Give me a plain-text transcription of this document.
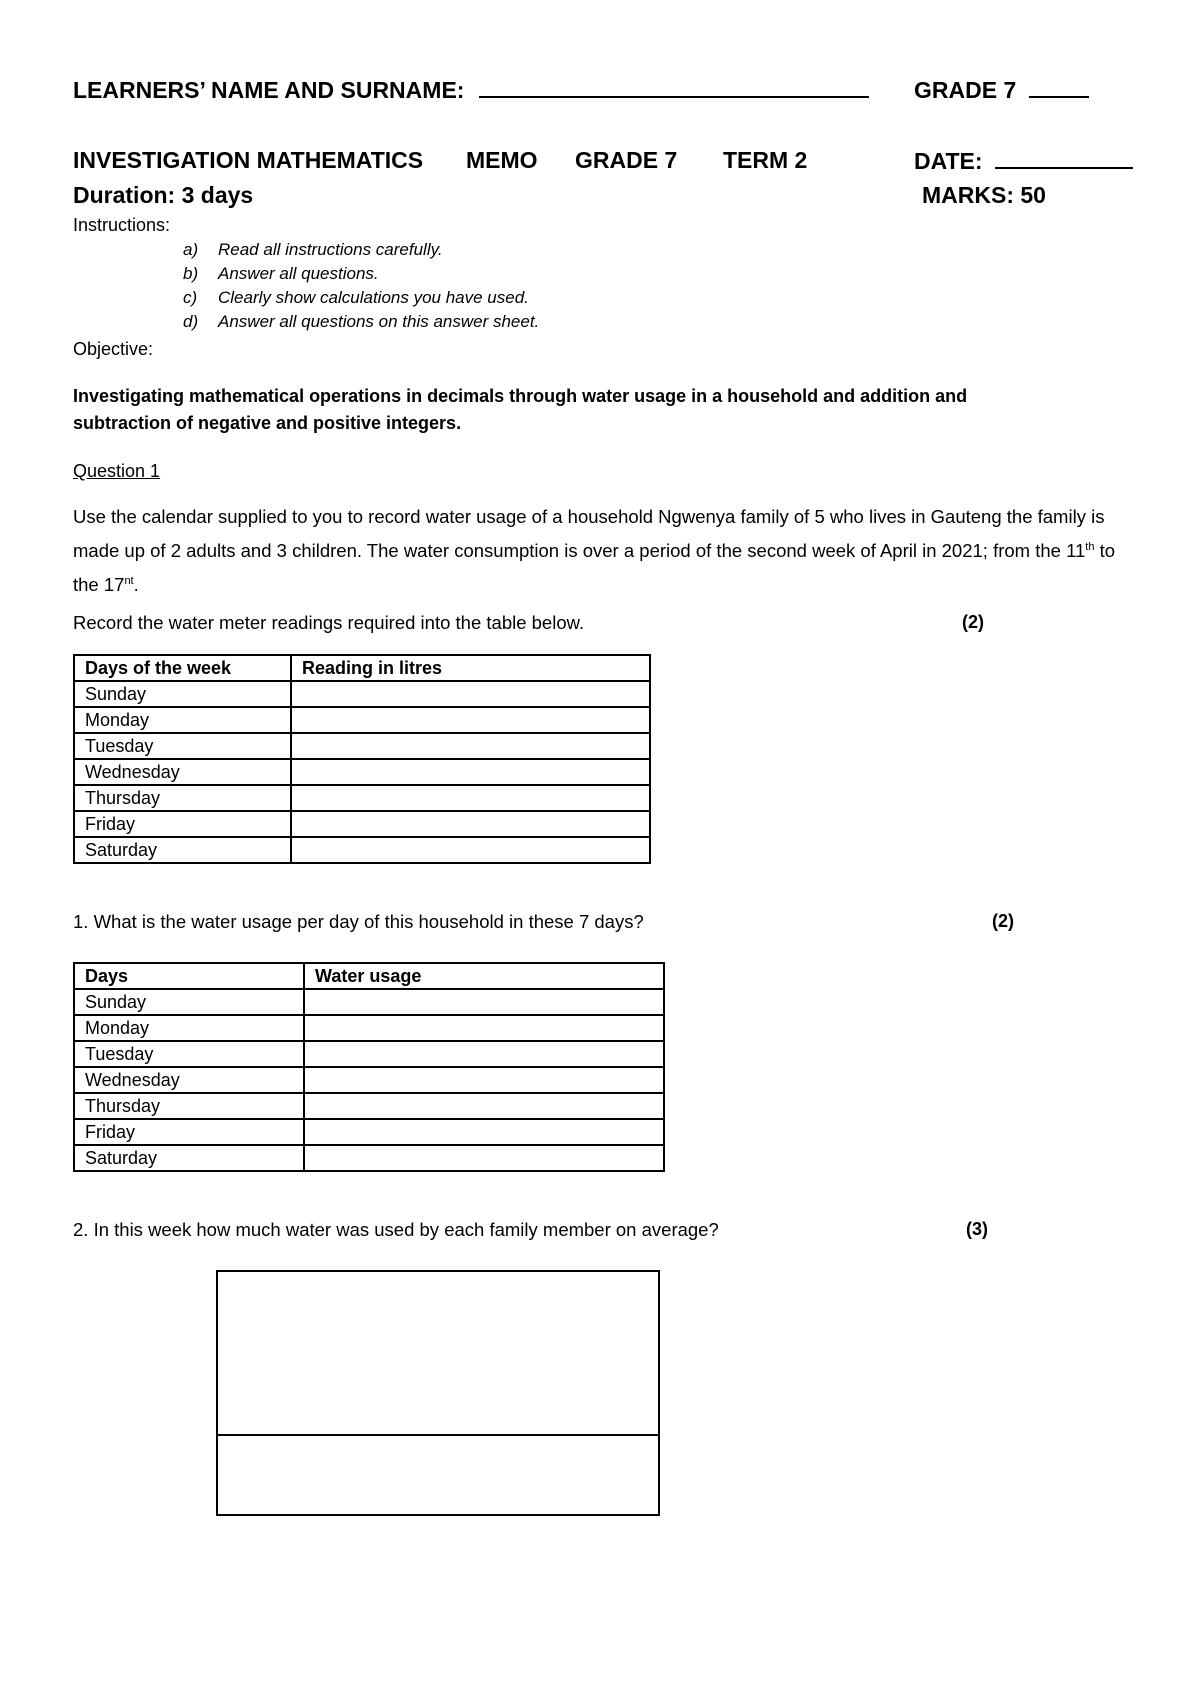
LEARNERS’ NAME AND SURNAME:	GRADE 7
INVESTIGATION MATHEMATICS MEMO GRADE 7 TERM 2	DATE:
Duration: 3 days	MARKS: 50
Instructions:
a) Read all instructions carefully.
b) Answer all questions.
c) Clearly show calculations you have used.
d) Answer all questions on this answer sheet.
Objective:
Investigating mathematical operations in decimals through water usage in a household and addition and subtraction of negative and positive integers.
Question 1
Use the calendar supplied to you to record water usage of a household Ngwenya family of 5 who lives in Gauteng the family is made up of 2 adults and 3 children. The water consumption is over a period of the second week of April in 2021; from the 11th to the $17^{nt}$.
Record the water meter readings required into the table below.	(2)
Days of the week	Reading in litres
Sunday	
Monday	
Tuesday	
Wednesday	
Thursday	
Friday	
Saturday	
1. What is the water usage per day of this household in these 7 days?	(2)
Days	Water usage
Sunday	
Monday	
Tuesday	
Wednesday	
Thursday	
Friday	
Saturday	
2. In this week how much water was used by each family member on average?	(3)
